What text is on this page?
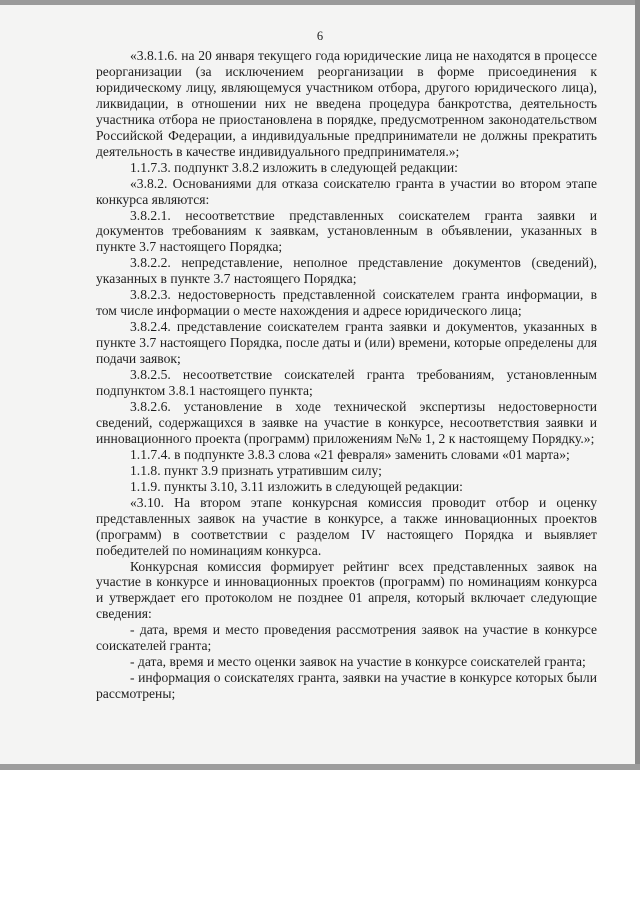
6

«3.8.1.6. на 20 января текущего года юридические лица не находятся в процессе реорганизации (за исключением реорганизации в форме присоединения к юридическому лицу, являющемуся участником отбора, другого юридического лица), ликвидации, в отношении них не введена процедура банкротства, деятельность участника отбора не приостановлена в порядке, предусмотренном законодательством Российской Федерации, а индивидуальные предприниматели не должны прекратить деятельность в качестве индивидуального предпринимателя.»;

1.1.7.3. подпункт 3.8.2 изложить в следующей редакции:

«3.8.2. Основаниями для отказа соискателю гранта в участии во втором этапе конкурса являются:

3.8.2.1. несоответствие представленных соискателем гранта заявки и документов требованиям к заявкам, установленным в объявлении, указанных в пункте 3.7 настоящего Порядка;

3.8.2.2. непредставление, неполное представление документов (сведений), указанных в пункте 3.7 настоящего Порядка;

3.8.2.3. недостоверность представленной соискателем гранта информации, в том числе информации о месте нахождения и адресе юридического лица;

3.8.2.4. представление соискателем гранта заявки и документов, указанных в пункте 3.7 настоящего Порядка, после даты и (или) времени, которые определены для подачи заявок;

3.8.2.5. несоответствие соискателей гранта требованиям, установленным подпунктом 3.8.1 настоящего пункта;

3.8.2.6. установление в ходе технической экспертизы недостоверности сведений, содержащихся в заявке на участие в конкурсе, несоответствия заявки и инновационного проекта (программ) приложениям №№ 1, 2 к настоящему Порядку.»;

1.1.7.4. в подпункте 3.8.3 слова «21 февраля» заменить словами «01 марта»;

1.1.8. пункт 3.9 признать утратившим силу;

1.1.9. пункты 3.10, 3.11 изложить в следующей редакции:

«3.10. На втором этапе конкурсная комиссия проводит отбор и оценку представленных заявок на участие в конкурсе, а также инновационных проектов (программ) в соответствии с разделом IV настоящего Порядка и выявляет победителей по номинациям конкурса.

Конкурсная комиссия формирует рейтинг всех представленных заявок на участие в конкурсе и инновационных проектов (программ) по номинациям конкурса и утверждает его протоколом не позднее 01 апреля, который включает следующие сведения:

- дата, время и место проведения рассмотрения заявок на участие в конкурсе соискателей гранта;

- дата, время и место оценки заявок на участие в конкурсе соискателей гранта;

- информация о соискателях гранта, заявки на участие в конкурсе которых были рассмотрены;
